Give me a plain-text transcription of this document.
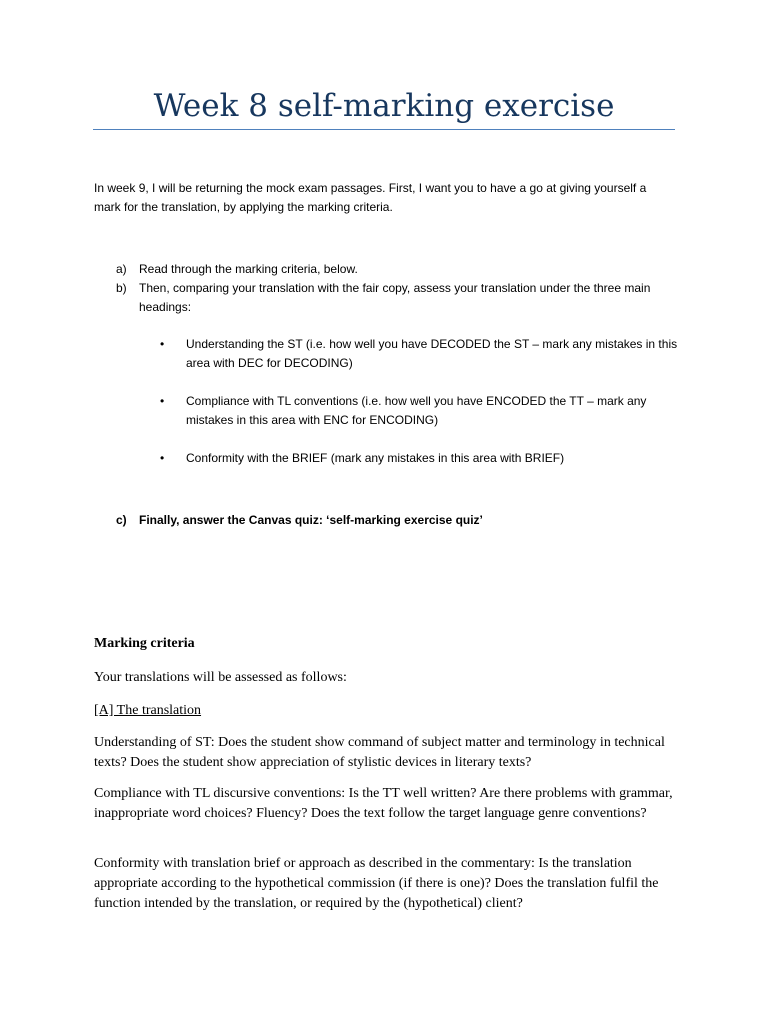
Week 8 self-marking exercise
In week 9, I will be returning the mock exam passages. First, I want you to have a go at giving yourself a mark for the translation, by applying the marking criteria.
a)	Read through the marking criteria, below.
b)	Then, comparing your translation with the fair copy, assess your translation under the three main headings:
•	Understanding the ST (i.e. how well you have DECODED the ST – mark any mistakes in this area with DEC for DECODING)
•	Compliance with TL conventions (i.e. how well you have ENCODED the TT – mark any mistakes in this area with ENC for ENCODING)
•	Conformity with the BRIEF (mark any mistakes in this area with BRIEF)
c)	Finally, answer the Canvas quiz: ‘self-marking exercise quiz’
Marking criteria
Your translations will be assessed as follows:
[A] The translation
Understanding of ST: Does the student show command of subject matter and terminology in technical texts? Does the student show appreciation of stylistic devices in literary texts?
Compliance with TL discursive conventions: Is the TT well written? Are there problems with grammar, inappropriate word choices? Fluency? Does the text follow the target language genre conventions?
Conformity with translation brief or approach as described in the commentary: Is the translation appropriate according to the hypothetical commission (if there is one)? Does the translation fulfil the function intended by the translation, or required by the (hypothetical) client?
